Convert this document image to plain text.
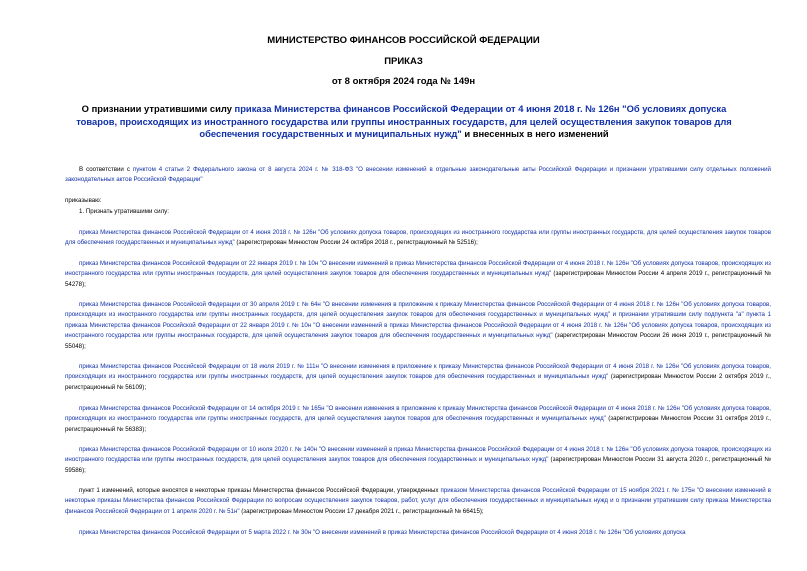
МИНИСТЕРСТВО ФИНАНСОВ РОССИЙСКОЙ ФЕДЕРАЦИИ
ПРИКАЗ
от 8 октября 2024 года № 149н
О признании утратившими силу приказа Министерства финансов Российской Федерации от 4 июня 2018 г. № 126н "Об условиях допуска товаров, происходящих из иностранного государства или группы иностранных государств, для целей осуществления закупок товаров для обеспечения государственных и муниципальных нужд" и внесенных в него изменений
В соответствии с пунктом 4 статьи 2 Федерального закона от 8 августа 2024 г. № 318-ФЗ "О внесении изменений в отдельные законодательные акты Российской Федерации и признании утратившими силу отдельных положений законодательных актов Российской Федерации"
приказываю:
1. Признать утратившими силу:
приказ Министерства финансов Российской Федерации от 4 июня 2018 г. № 126н "Об условиях допуска товаров, происходящих из иностранного государства или группы иностранных государств, для целей осуществления закупок товаров для обеспечения государственных и муниципальных нужд" (зарегистрирован Минюстом России 24 октября 2018 г., регистрационный № 52516);
приказ Министерства финансов Российской Федерации от 22 января 2019 г. № 10н "О внесении изменений в приказ Министерства финансов Российской Федерации от 4 июня 2018 г. № 126н "Об условиях допуска товаров, происходящих из иностранного государства или группы иностранных государств, для целей осуществления закупок товаров для обеспечения государственных и муниципальных нужд" (зарегистрирован Минюстом России 4 апреля 2019 г., регистрационный № 54278);
приказ Министерства финансов Российской Федерации от 30 апреля 2019 г. № 64н "О внесении изменения в приложение к приказу Министерства финансов Российской Федерации от 4 июня 2018 г. № 126н "Об условиях допуска товаров, происходящих из иностранного государства или группы иностранных государств, для целей осуществления закупок товаров для обеспечения государственных и муниципальных нужд" и признании утратившим силу подпункта "а" пункта 1 приказа Министерства финансов Российской Федерации от 22 января 2019 г. № 10н "О внесении изменений в приказ Министерства финансов Российской Федерации от 4 июня 2018 г. № 126н "Об условиях допуска товаров, происходящих из иностранного государства или группы иностранных государств, для целей осуществления закупок товаров для обеспечения государственных и муниципальных нужд" (зарегистрирован Минюстом России 26 июня 2019 г., регистрационный № 55048);
приказ Министерства финансов Российской Федерации от 18 июля 2019 г. № 111н "О внесении изменения в приложение к приказу Министерства финансов Российской Федерации от 4 июня 2018 г. № 126н "Об условиях допуска товаров, происходящих из иностранного государства или группы иностранных государств, для целей осуществления закупок товаров для обеспечения государственных и муниципальных нужд" (зарегистрирован Минюстом России 2 октября 2019 г., регистрационный № 56109);
приказ Министерства финансов Российской Федерации от 14 октября 2019 г. № 165н "О внесении изменения в приложение к приказу Министерства финансов Российской Федерации от 4 июня 2018 г. № 126н "Об условиях допуска товаров, происходящих из иностранного государства или группы иностранных государств, для целей осуществления закупок товаров для обеспечения государственных и муниципальных нужд" (зарегистрирован Минюстом России 31 октября 2019 г., регистрационный № 56383);
приказ Министерства финансов Российской Федерации от 10 июля 2020 г. № 140н "О внесении изменений в приказ Министерства финансов Российской Федерации от 4 июня 2018 г. № 126н "Об условиях допуска товаров, происходящих из иностранного государства или группы иностранных государств, для целей осуществления закупок товаров для обеспечения государственных и муниципальных нужд" (зарегистрирован Минюстом России 31 августа 2020 г., регистрационный № 59586);
пункт 1 изменений, которые вносятся в некоторые приказы Министерства финансов Российской Федерации, утвержденных приказом Министерства финансов Российской Федерации от 15 ноября 2021 г. № 175н "О внесении изменений в некоторые приказы Министерства финансов Российской Федерации по вопросам осуществления закупок товаров, работ, услуг для обеспечения государственных и муниципальных нужд и о признании утратившим силу приказа Министерства финансов Российской Федерации от 1 апреля 2020 г. № 51н" (зарегистрирован Минюстом России 17 декабря 2021 г., регистрационный № 66415);
приказ Министерства финансов Российской Федерации от 5 марта 2022 г. № 30н "О внесении изменений в приказ Министерства финансов Российской Федерации от 4 июня 2018 г. № 126н "Об условиях допуска
